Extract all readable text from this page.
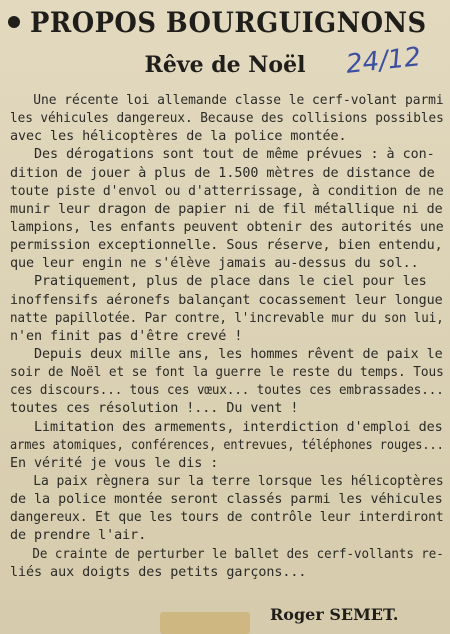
PROPOS BOURGUIGNONS
Rêve de Noël	24/12
Une récente loi allemande classe le cerf-volant parmi
les véhicules dangereux. Because des collisions possibles
avec les hélicoptères de la police montée.
Des dérogations sont tout de même prévues : à con-
dition de jouer à plus de 1.500 mètres de distance de
toute piste d'envol ou d'atterrissage, à condition de ne
munir leur dragon de papier ni de fil métallique ni de
lampions, les enfants peuvent obtenir des autorités une
permission exceptionnelle. Sous réserve, bien entendu,
que leur engin ne s'élève jamais au-dessus du sol..
Pratiquement, plus de place dans le ciel pour les
inoffensifs aéronefs balançant cocassement leur longue
natte papillotée. Par contre, l'increvable mur du son lui,
n'en finit pas d'être crevé !
Depuis deux mille ans, les hommes rêvent de paix le
soir de Noël et se font la guerre le reste du temps. Tous
ces discours... tous ces vœux... toutes ces embrassades...
toutes ces résolution !... Du vent !
Limitation des armements, interdiction d'emploi des
armes atomiques, conférences, entrevues, téléphones rouges...
En vérité je vous le dis :
La paix règnera sur la terre lorsque les hélicoptères
de la police montée seront classés parmi les véhicules
dangereux. Et que les tours de contrôle leur interdiront
de prendre l'air.
De crainte de perturber le ballet des cerf-vollants re-
liés aux doigts des petits garçons...
Roger SEMET.
